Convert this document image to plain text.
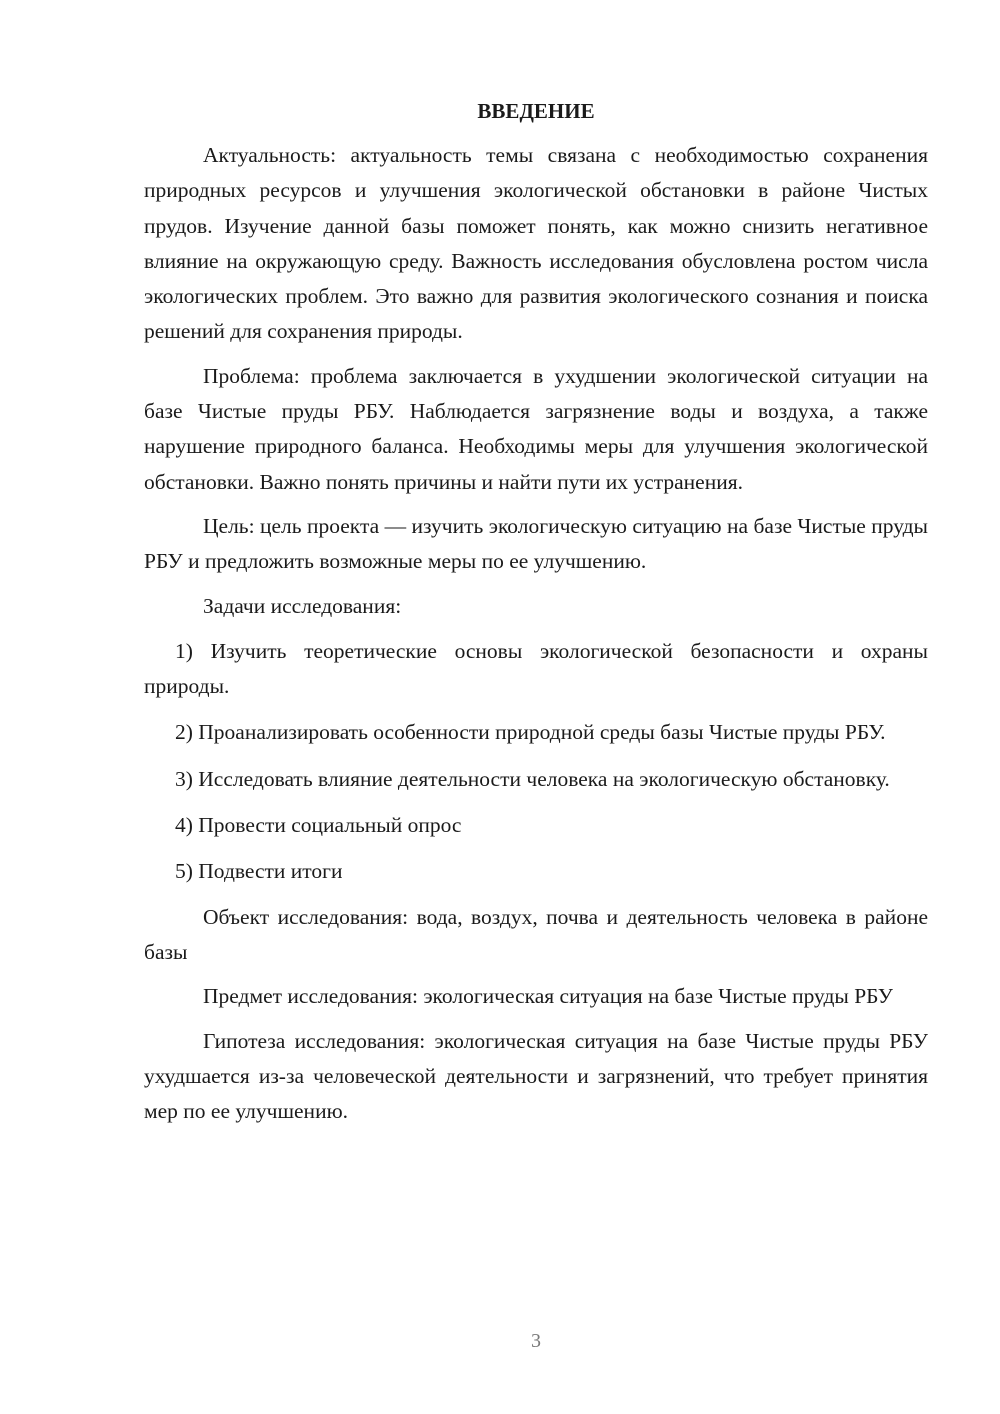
ВВЕДЕНИЕ

Актуальность: актуальность темы связана с необходимостью сохранения природных ресурсов и улучшения экологической обстановки в районе Чистых прудов. Изучение данной базы поможет понять, как можно снизить негативное влияние на окружающую среду. Важность исследования обусловлена ростом числа экологических проблем. Это важно для развития экологического сознания и поиска решений для сохранения природы.

Проблема: проблема заключается в ухудшении экологической ситуации на базе Чистые пруды РБУ. Наблюдается загрязнение воды и воздуха, а также нарушение природного баланса. Необходимы меры для улучшения экологической обстановки. Важно понять причины и найти пути их устранения.

Цель: цель проекта — изучить экологическую ситуацию на базе Чистые пруды РБУ и предложить возможные меры по ее улучшению.

Задачи исследования:

1) Изучить теоретические основы экологической безопасности и охраны природы.

2) Проанализировать особенности природной среды базы Чистые пруды РБУ.

3) Исследовать влияние деятельности человека на экологическую обстановку.

4) Провести социальный опрос

5) Подвести итоги

Объект исследования: вода, воздух, почва и деятельность человека в районе базы

Предмет исследования: экологическая ситуация на базе Чистые пруды РБУ

Гипотеза исследования: экологическая ситуация на базе Чистые пруды РБУ ухудшается из-за человеческой деятельности и загрязнений, что требует принятия мер по ее улучшению.

3
